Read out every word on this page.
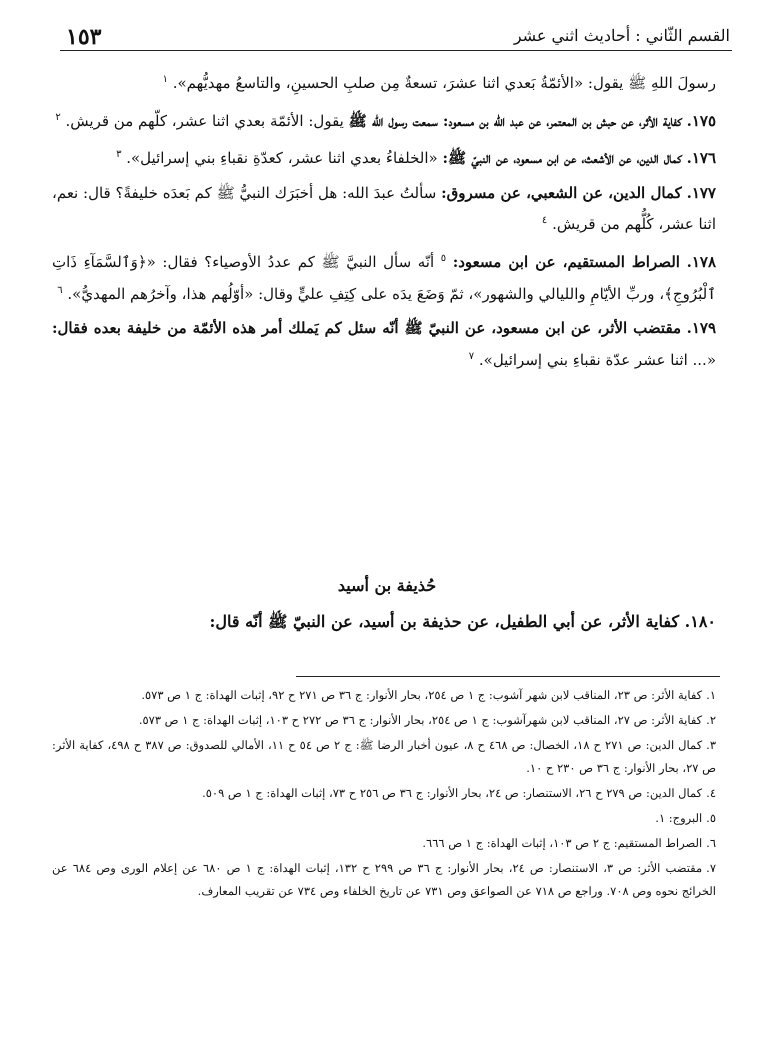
القسم الثّاني : أحاديث اثني عشر
١٥٣

رسولَ اللهِ ﷺ يقول: «الأئمّةُ بَعدي اثنا عشرَ، تسعةٌ مِن صلبِ الحسينِ، والتاسعُ مهديُّهم». $^١$

١٧٥. كفاية الأثر، عن حبش بن المعتمر، عن عبد الله بن مسعود: سمعت رسول الله ﷺ يقول: الأئمّة بعدي اثنا عشر، كلّهم من قريش. $^٢$

١٧٦. كمال الدين، عن الأشعث، عن ابن مسعود، عن النبيّ ﷺ: «الخلفاءُ بعدي اثنا عشر، كعدّةِ نقباءِ بني إسرائيل». $^٣$

١٧٧. كمال الدين، عن الشعبي، عن مسروق: سألتُ عبدَ الله: هل أخبَرَك النبيُّ ﷺ كم بَعدَه خليفةً؟ قال: نعم، اثنا عشر، كُلُّهم من قريش. $^٤$

١٧٨. الصراط المستقيم، عن ابن مسعود: $^٥$ أنّه سأل النبيَّ ﷺ كم عددُ الأوصياء؟ فقال: «﴿وَٱلسَّمَآءِ ذَاتِ ٱلْبُرُوجِ﴾، وربِّ الأيّامِ والليالي والشهور»، ثمّ وَضَعَ يدَه على كِتِفِ عليٍّ وقال: «أوّلُهم هذا، وآخرُهم المهديُّ». $^٦$

١٧٩. مقتضب الأثر، عن ابن مسعود، عن النبيّ ﷺ أنّه سئل كم يَملك أمر هذه الأئمّة من خليفة بعده فقال: «... اثنا عشر عدّة نقباءِ بني إسرائيل». $^٧$

حُذيفة بن أسيد
١٨٠. كفاية الأثر، عن أبي الطفيل، عن حذيفة بن أسيد، عن النبيّ ﷺ أنّه قال:

١.كفاية الأثر: ص ٢٣، المناقب لابن شهر آشوب: ج ١ ص ٢٥٤، بحار الأنوار: ج ٣٦ ص ٢٧١ ح ٩٢، إثبات الهداة: ج ١ ص ٥٧٣.

٢.كفاية الأثر: ص ٢٧، المناقب لابن شهرآشوب: ج ١ ص ٢٥٤، بحار الأنوار: ج ٣٦ ص ٢٧٢ ح ١٠٣، إثبات الهداة: ج ١ ص ٥٧٣.

٣.كمال الدين: ص ٢٧١ ح ١٨، الخصال: ص ٤٦٨ ح ٨، عيون أخبار الرضا ﷺ: ج ٢ ص ٥٤ ح ١١، الأمالي للصدوق: ص ٣٨٧ ح ٤٩٨، كفاية الأثر: ص ٢٧، بحار الأنوار: ج ٣٦ ص ٢٣٠ ح ١٠.

٤.كمال الدين: ص ٢٧٩ ح ٢٦، الاستنصار: ص ٢٤، بحار الأنوار: ج ٣٦ ص ٢٥٦ ح ٧٣، إثبات الهداة: ج ١ ص ٥٠٩.

٥.البروج: ١.

٦.الصراط المستقيم: ج ٢ ص ١٠٣، إثبات الهداة: ج ١ ص ٦٦٦.

٧.مقتضب الأثر: ص ٣، الاستنصار: ص ٢٤، بحار الأنوار: ج ٣٦ ص ٢٩٩ ح ١٣٢، إثبات الهداة: ج ١ ص ٦٨٠ عن إعلام الورى وص ٦٨٤ عن الخرائج نحوه وص ٧٠٨. وراجع ص ٧١٨ عن الصواعق وص ٧٣١ عن تاريخ الخلفاء وص ٧٣٤ عن تقريب المعارف.
